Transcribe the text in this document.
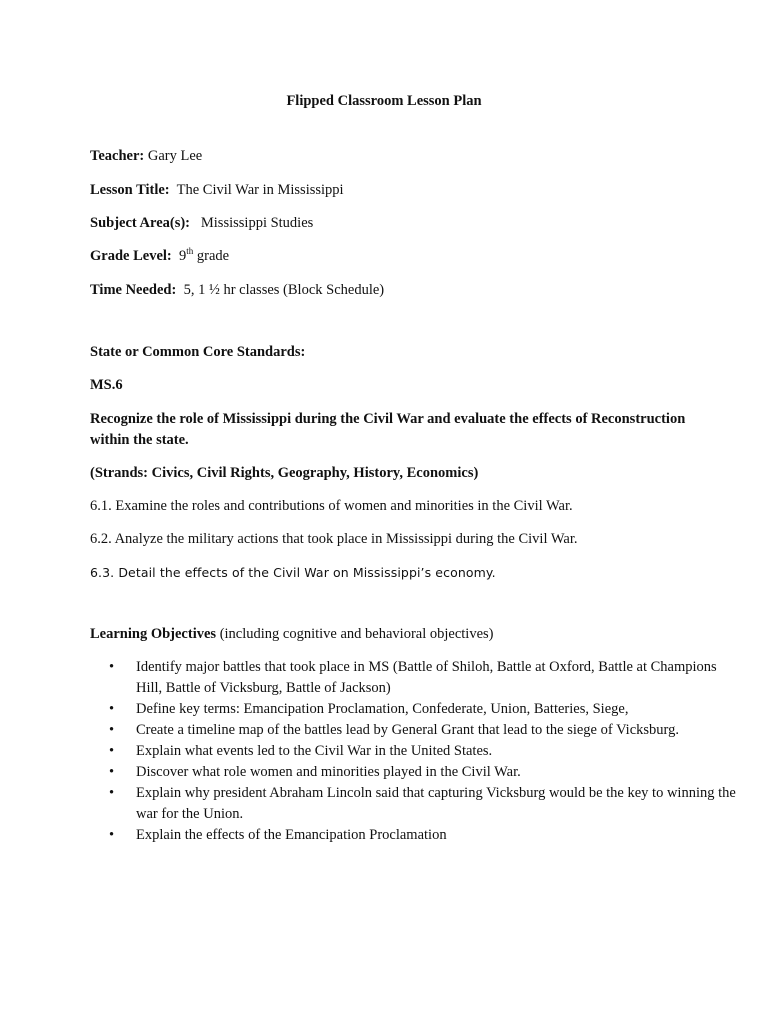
Flipped Classroom Lesson Plan
Teacher: Gary Lee
Lesson Title: The Civil War in Mississippi
Subject Area(s): Mississippi Studies
Grade Level: 9th grade
Time Needed: 5, 1 ½ hr classes (Block Schedule)
State or Common Core Standards:
MS.6
Recognize the role of Mississippi during the Civil War and evaluate the effects of Reconstruction within the state.
(Strands: Civics, Civil Rights, Geography, History, Economics)
6.1. Examine the roles and contributions of women and minorities in the Civil War.
6.2. Analyze the military actions that took place in Mississippi during the Civil War.
6.3. Detail the effects of the Civil War on Mississippi’s economy.
Learning Objectives (including cognitive and behavioral objectives)
• Identify major battles that took place in MS (Battle of Shiloh, Battle at Oxford, Battle at Champions Hill, Battle of Vicksburg, Battle of Jackson)
• Define key terms: Emancipation Proclamation, Confederate, Union, Batteries, Siege,
• Create a timeline map of the battles lead by General Grant that lead to the siege of Vicksburg.
• Explain what events led to the Civil War in the United States.
• Discover what role women and minorities played in the Civil War.
• Explain why president Abraham Lincoln said that capturing Vicksburg would be the key to winning the war for the Union.
• Explain the effects of the Emancipation Proclamation
